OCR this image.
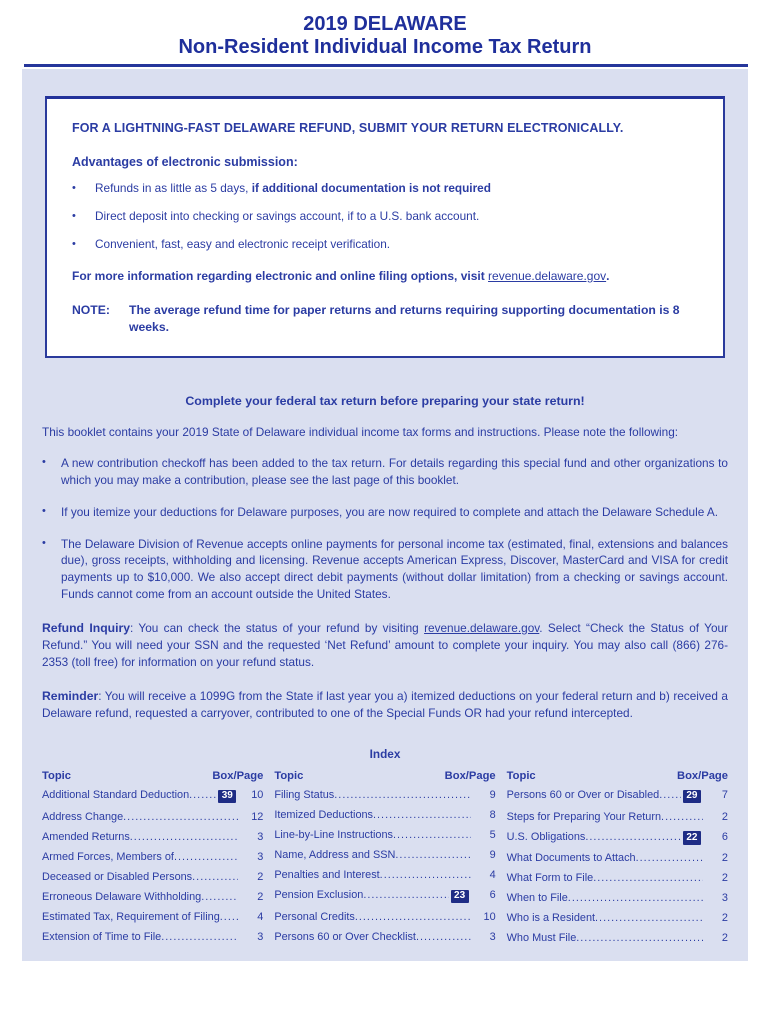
2019 DELAWARE
Non-Resident Individual Income Tax Return
FOR A LIGHTNING-FAST DELAWARE REFUND, SUBMIT YOUR RETURN ELECTRONICALLY.
Advantages of electronic submission:
•	Refunds in as little as 5 days, if additional documentation is not required
•	Direct deposit into checking or savings account, if to a U.S. bank account.
•	Convenient, fast, easy and electronic receipt verification.
For more information regarding electronic and online filing options, visit revenue.delaware.gov.
NOTE:	The average refund time for paper returns and returns requiring supporting documentation is 8 weeks.
Complete your federal tax return before preparing your state return!
This booklet contains your 2019 State of Delaware individual income tax forms and instructions. Please note the following:
•	A new contribution checkoff has been added to the tax return. For details regarding this special fund and other organizations to which you may make a contribution, please see the last page of this booklet.
•	If you itemize your deductions for Delaware purposes, you are now required to complete and attach the Delaware Schedule A.
•	The Delaware Division of Revenue accepts online payments for personal income tax (estimated, final, extensions and balances due), gross receipts, withholding and licensing. Revenue accepts American Express, Discover, MasterCard and VISA for credit payments up to $10,000. We also accept direct debit payments (without dollar limitation) from a checking or savings account. Funds cannot come from an account outside the United States.
Refund Inquiry: You can check the status of your refund by visiting revenue.delaware.gov. Select “Check the Status of Your Refund.” You will need your SSN and the requested ‘Net Refund’ amount to complete your inquiry. You may also call (866) 276-2353 (toll free) for information on your refund status.
Reminder: You will receive a 1099G from the State if last year you a) itemized deductions on your federal return and b) received a Delaware refund, requested a carryover, contributed to one of the Special Funds OR had your refund intercepted.
Index
Topic	Box/Page
Additional Standard Deduction .....	39	10
Address Change .....	12
Amended Returns .....	3
Armed Forces, Members of .....	3
Deceased or Disabled Persons .....	2
Erroneous Delaware Withholding .....	2
Estimated Tax, Requirement of Filing .....	4
Extension of Time to File .....	3
Topic	Box/Page
Filing Status .....	9
Itemized Deductions .....	8
Line-by-Line Instructions .....	5
Name, Address and SSN .....	9
Penalties and Interest .....	4
Pension Exclusion .....	23	6
Personal Credits .....	10
Persons 60 or Over Checklist .....	3
Topic	Box/Page
Persons 60 or Over or Disabled .....	29	7
Steps for Preparing Your Return .....	2
U.S. Obligations .....	22	6
What Documents to Attach .....	2
What Form to File .....	2
When to File .....	3
Who is a Resident .....	2
Who Must File .....	2
